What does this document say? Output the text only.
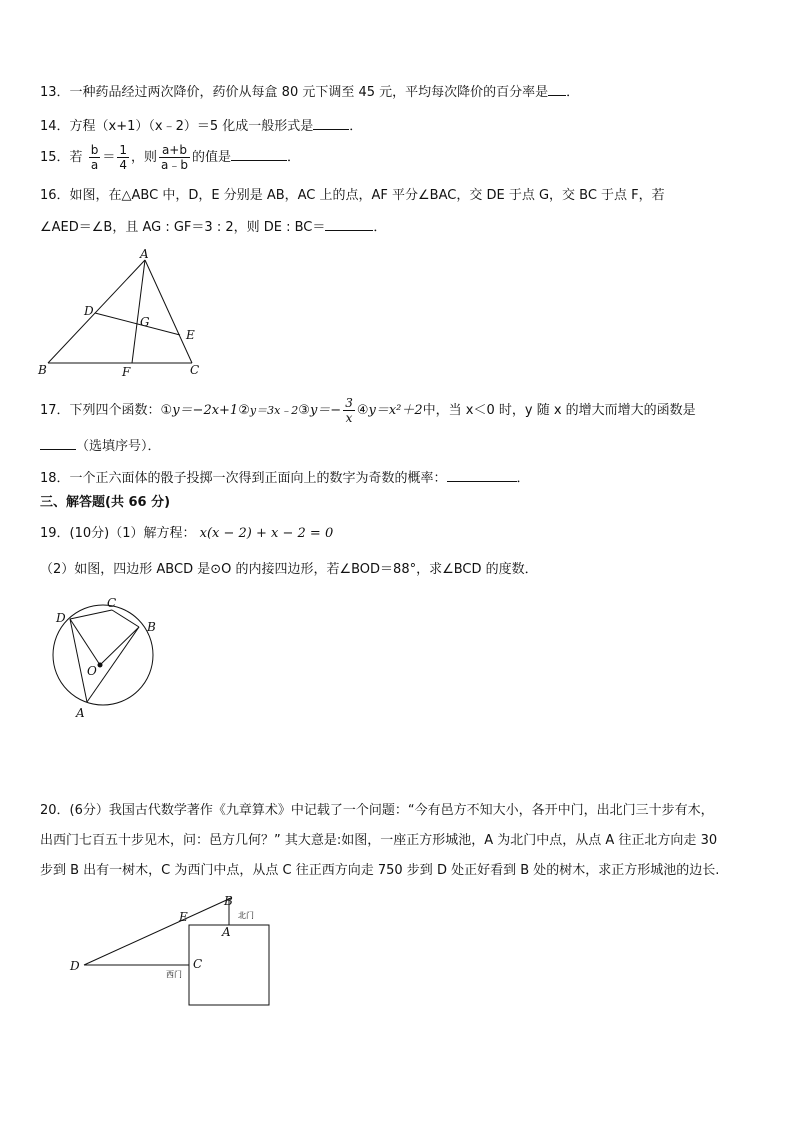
13．一种药品经过两次降价，药价从每盒 80 元下调至 45 元，平均每次降价的百分率是 ．
14．方程（x+1）（x﹣2）＝5 化成一般形式是	．
15．若 $\frac{b}{a} = \frac{1}{4}$ ，则 $\frac{a+b}{a﹣b}$ 的值是	．
16．如图，在△ABC 中，D，E 分别是 AB，AC 上的点，AF 平分∠BAC，交 DE 于点 G，交 BC 于点 F，若
∠AED＝∠B，且 AG : GF＝3 : 2，则 DE : BC＝	．
A
B	C
D
E
F
G
17．下列四个函数：①y＝−2x+1②y＝3x﹣2③y＝− $\frac{3}{x}$ ④y＝x²＋2中，当 x＜0 时，y 随 x 的增大而增大的函数是
（选填序号）．
18．一个正六面体的骰子投掷一次得到正面向上的数字为奇数的概率：	．
三、解答题(共 66 分)
19．(10分)（1）解方程： x(x − 2) + x − 2 = 0
（2）如图，四边形 ABCD 是⊙O 的内接四边形，若∠BOD＝88°，求∠BCD 的度数．
D
C
B
A
O
20．(6分）我国古代数学著作《九章算术》中记载了一个问题：“今有邑方不知大小，各开中门，出北门三十步有木，
出西门七百五十步见木，问：邑方几何？” 其大意是:如图，一座正方形城池，A 为北门中点，从点 A 往正北方向走 30
步到 B 出有一树木，C 为西门中点，从点 C 往正西方向走 750 步到 D 处正好看到 B 处的树木，求正方形城池的边长.
D
E
B
A
C
北门
西门
